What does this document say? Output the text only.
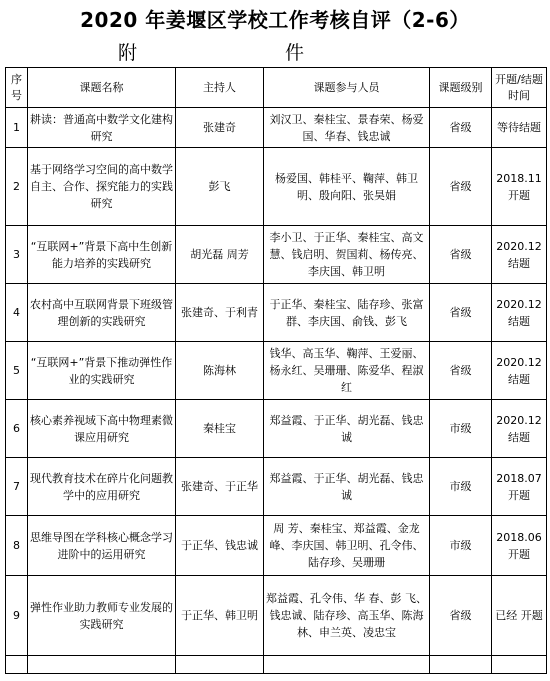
2020 年姜堰区学校工作考核自评（2-6）
附件
序号	课题名称	主持人	课题参与人员	课题级别	开题/结题时间
1	耕读：普通高中数学文化建构研究	张建奇	刘汉卫、秦桂宝、景春荣、杨爱国、华春、钱忠诚	省级	等待结题
2	基于网络学习空间的高中数学自主、合作、探究能力的实践研究	彭飞	杨爱国、韩桂平、鞠萍、韩卫明、殷向阳、张昊娟	省级	2018.11 开题
3	“互联网+”背景下高中生创新能力培养的实践研究	胡光磊 周芳	李小卫、于正华、秦桂宝、高文慧、钱启明、贺国莉、杨传亮、李庆国、韩卫明	省级	2020.12 结题
4	农村高中互联网背景下班级管理创新的实践研究	张建奇、于利青	于正华、秦桂宝、陆存珍、张富群、李庆国、俞钱、彭飞	省级	2020.12 结题
5	“互联网+”背景下推动弹性作业的实践研究	陈海林	钱华、高玉华、鞠萍、王爱丽、杨永红、吴珊珊、陈爱华、程淑红	省级	2020.12 结题
6	核心素养视域下高中物理素微课应用研究	秦桂宝	郑益霞、于正华、胡光磊、钱忠诚	市级	2020.12 结题
7	现代教育技术在碎片化问题教学中的应用研究	张建奇、于正华	郑益霞、于正华、胡光磊、钱忠诚	市级	2018.07 开题
8	思维导图在学科核心概念学习进阶中的运用研究	于正华、钱忠诚	周 芳、秦桂宝、郑益霞、金龙峰、李庆国、韩卫明、孔令伟、陆存珍、吴珊珊	市级	2018.06 开题
9	弹性作业助力教师专业发展的实践研究	于正华、韩卫明	郑益霞、孔令伟、华 春、彭 飞、钱忠诚、陆存珍、高玉华、陈海林、申兰英、凌忠宝	省级	已经 开题
